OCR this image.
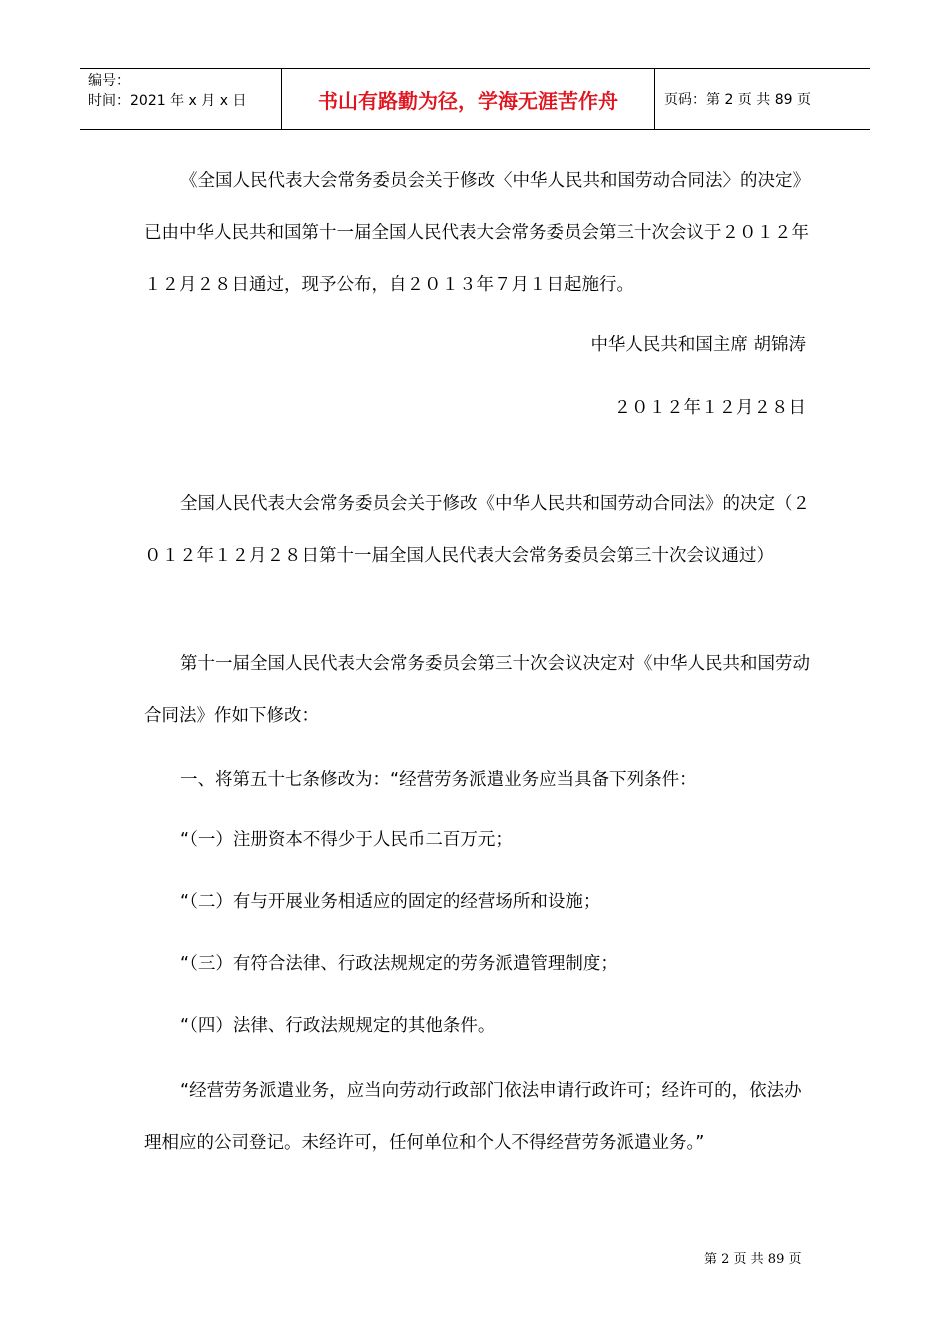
编号：
时间：2021 年 x 月 x 日	书山有路勤为径，学海无涯苦作舟	页码：第 2 页 共 89 页
《全国人民代表大会常务委员会关于修改〈中华人民共和国劳动合同法〉的决定》已由中华人民共和国第十一届全国人民代表大会常务委员会第三十次会议于２０１２年１２月２８日通过，现予公布，自２０１３年７月１日起施行。
中华人民共和国主席 胡锦涛
２０１２年１２月２８日
全国人民代表大会常务委员会关于修改《中华人民共和国劳动合同法》的决定（２０１２年１２月２８日第十一届全国人民代表大会常务委员会第三十次会议通过）
第十一届全国人民代表大会常务委员会第三十次会议决定对《中华人民共和国劳动合同法》作如下修改：
一、将第五十七条修改为：“经营劳务派遣业务应当具备下列条件：
“（一）注册资本不得少于人民币二百万元；
“（二）有与开展业务相适应的固定的经营场所和设施；
“（三）有符合法律、行政法规规定的劳务派遣管理制度；
“（四）法律、行政法规规定的其他条件。
“经营劳务派遣业务，应当向劳动行政部门依法申请行政许可；经许可的，依法办理相应的公司登记。未经许可，任何单位和个人不得经营劳务派遣业务。”
第 2 页 共 89 页
